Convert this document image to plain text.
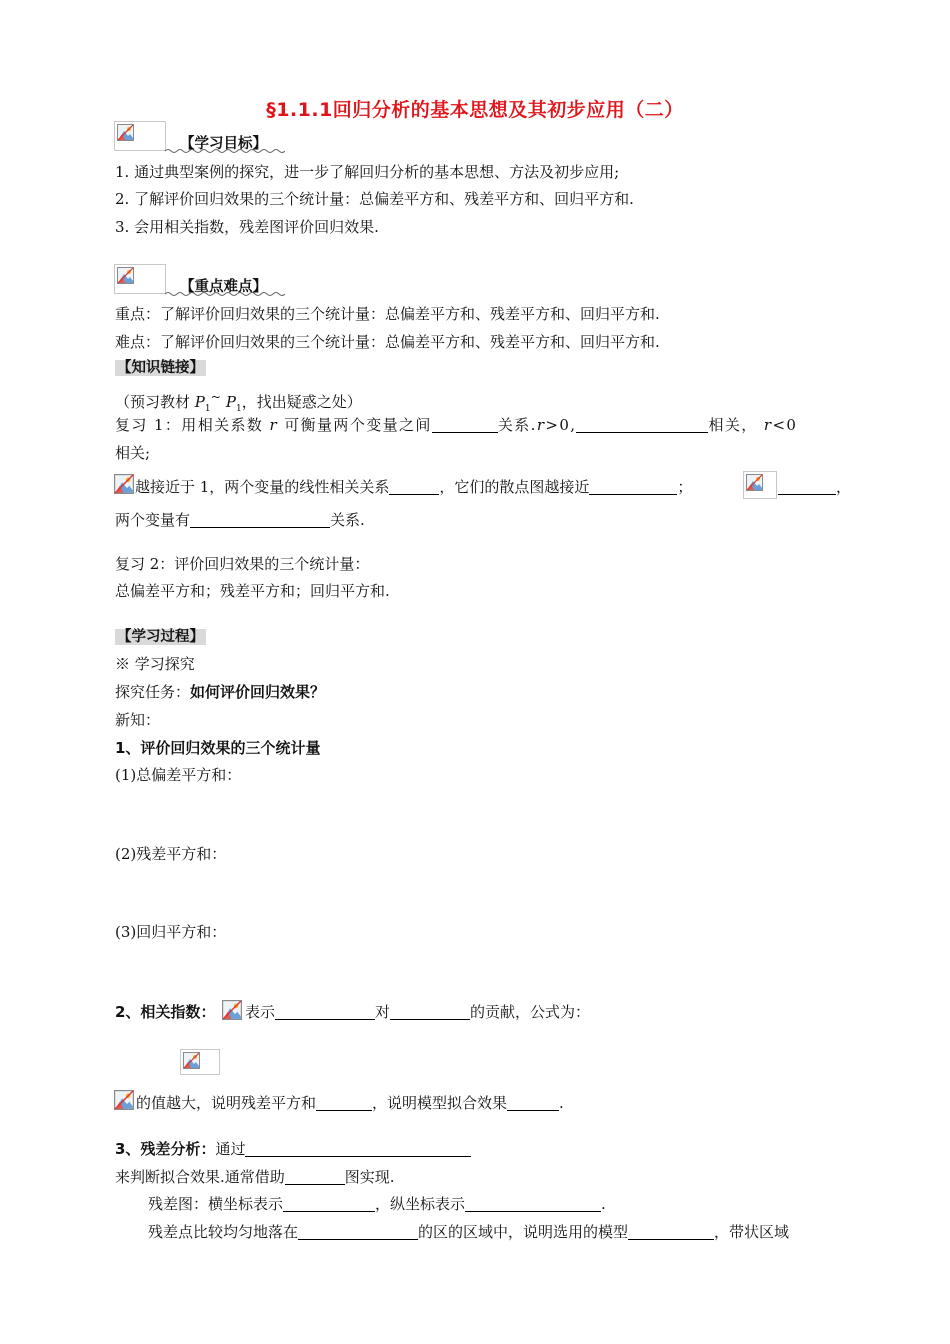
§1.1.1回归分析的基本思想及其初步应用（二）
【学习目标】
1. 通过典型案例的探究，进一步了解回归分析的基本思想、方法及初步应用;
2. 了解评价回归效果的三个统计量：总偏差平方和、残差平方和、回归平方和.
3. 会用相关指数，残差图评价回归效果.
【重点难点】
重点：了解评价回归效果的三个统计量：总偏差平方和、残差平方和、回归平方和.
难点：了解评价回归效果的三个统计量：总偏差平方和、残差平方和、回归平方和.
【知识链接】
（预习教材 $P_1^\sim$ $P_1$，找出疑惑之处）
复习 1：用相关系数 r 可衡量两个变量之间	关系.r>0,	相关， r<0
相关;
越接近于 1，两个变量的线性相关关系	，它们的散点图越接近	；	，
两个变量有	关系.
复习 2：评价回归效果的三个统计量：
总偏差平方和；残差平方和；回归平方和.
【学习过程】
※ 学习探究
探究任务：如何评价回归效果？
新知：
1、评价回归效果的三个统计量
(1)总偏差平方和：
(2)残差平方和：
(3)回归平方和：
2、相关指数： 表示	对	的贡献，公式为：
的值越大，说明残差平方和	，说明模型拟合效果	.
3、残差分析：通过
来判断拟合效果.通常借助	图实现.
残差图：横坐标表示	，纵坐标表示	.
残差点比较均匀地落在	的区的区域中，说明选用的模型	，带状区域
